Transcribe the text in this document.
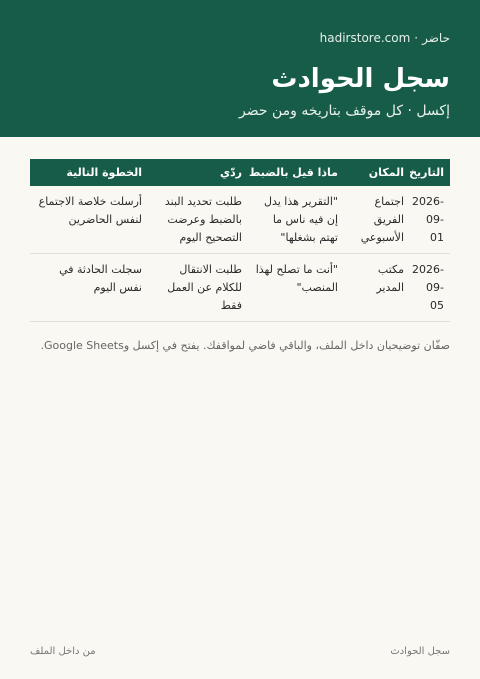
حاضر·hadirstore.com
سجل الحوادث
إكسل · كل موقف بتاريخه ومن حضر
التاريخ	المكان	ماذا قيل بالضبط	ردّي	الخطوة التالية
2026-09-01	اجتماع الفريق الأسبوعي	"التقرير هذا يدل إن فيه ناس ما تهتم بشغلها"	طلبت تحديد البند بالضبط وعرضت التصحيح اليوم	أرسلت خلاصة الاجتماع لنفس الحاضرين
2026-09-05	مكتب المدير	"أنت ما تصلح لهذا المنصب"	طلبت الانتقال للكلام عن العمل فقط	سجلت الحادثة في نفس اليوم
صفّان توضيحيان داخل الملف، والباقي فاضي لمواقفك. يفتح في إكسل وGoogle Sheets.
سجل الحوادث
من داخل الملف
